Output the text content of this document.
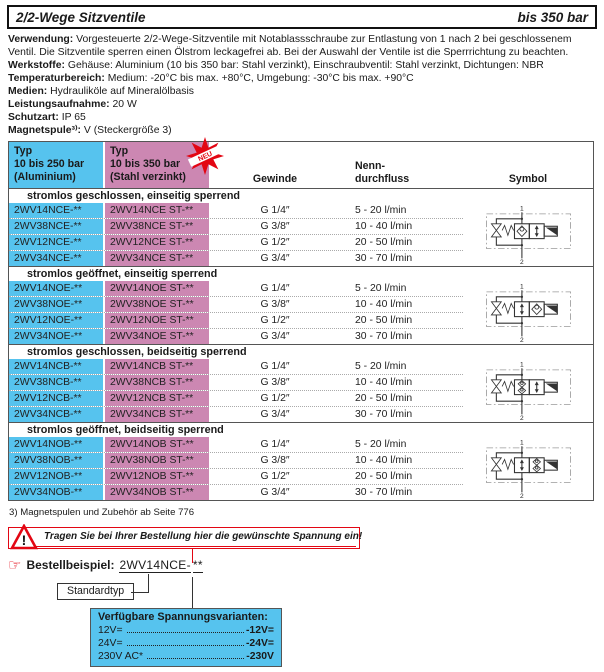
2/2-Wege Sitzventile	bis 350 bar

Verwendung: Vorgesteuerte 2/2-Wege-Sitzventile mit Notablassschraube zur Entlastung von 1 nach 2 bei geschlossenem Ventil. Die Sitzventile sperren einen Ölstrom leckagefrei ab. Bei der Auswahl der Ventile ist die Sperrrichtung zu beachten.

Werkstoffe: Gehäuse: Aluminium (10 bis 350 bar: Stahl verzinkt), Einschraubventil: Stahl verzinkt, Dichtungen: NBR

Temperaturbereich: Medium: -20°C bis max. +80°C, Umgebung: -30°C bis max. +90°C

Medien: Hydrauliköle auf Mineralölbasis

Leistungsaufnahme: 20 W

Schutzart: IP 65

Magnetspule³⁾: V (Steckergröße 3)

Typ
10 bis 250 bar
(Aluminium)
Typ
10 bis 350 bar
(Stahl verzinkt)
NEU
Gewinde
Nenn-
durchfluss	Symbol
stromlos geschlossen, einseitig sperrend
2WV14NCE-**	2WV14NCE ST-**	G 1/4″	5 - 20 l/min
2WV38NCE-**	2WV38NCE ST-**	G 3/8″	10 - 40 l/min
2WV12NCE-**	2WV12NCE ST-**	G 1/2″	20 - 50 l/min
2WV34NCE-**	2WV34NCE ST-**	G 3/4″	30 - 70 l/min
1
2
stromlos geöffnet, einseitig sperrend
2WV14NOE-**	2WV14NOE ST-**	G 1/4″	5 - 20 l/min
2WV38NOE-**	2WV38NOE ST-**	G 3/8″	10 - 40 l/min
2WV12NOE-**	2WV12NOE ST-**	G 1/2″	20 - 50 l/min
2WV34NOE-**	2WV34NOE ST-**	G 3/4″	30 - 70 l/min
1
2
stromlos geschlossen, beidseitig sperrend
2WV14NCB-**	2WV14NCB ST-**	G 1/4″	5 - 20 l/min
2WV38NCB-**	2WV38NCB ST-**	G 3/8″	10 - 40 l/min
2WV12NCB-**	2WV12NCB ST-**	G 1/2″	20 - 50 l/min
2WV34NCB-**	2WV34NCB ST-**	G 3/4″	30 - 70 l/min
1
2
stromlos geöffnet, beidseitig sperrend
2WV14NOB-**	2WV14NOB ST-**	G 1/4″	5 - 20 l/min
2WV38NOB-**	2WV38NOB ST-**	G 3/8″	10 - 40 l/min
2WV12NOB-**	2WV12NOB ST-**	G 1/2″	20 - 50 l/min
2WV34NOB-**	2WV34NOB ST-**	G 3/4″	30 - 70 l/min
1
2
3) Magnetspulen und Zubehör ab Seite 776
!	Tragen Sie bei Ihrer Bestellung hier die gewünschte Spannung ein!
☞ Bestellbeispiel: 2WV14NCE- **
Standardtyp
Verfügbare Spannungsvarianten:
12V=	-12V=
24V=	-24V=
230V AC*	-230V
